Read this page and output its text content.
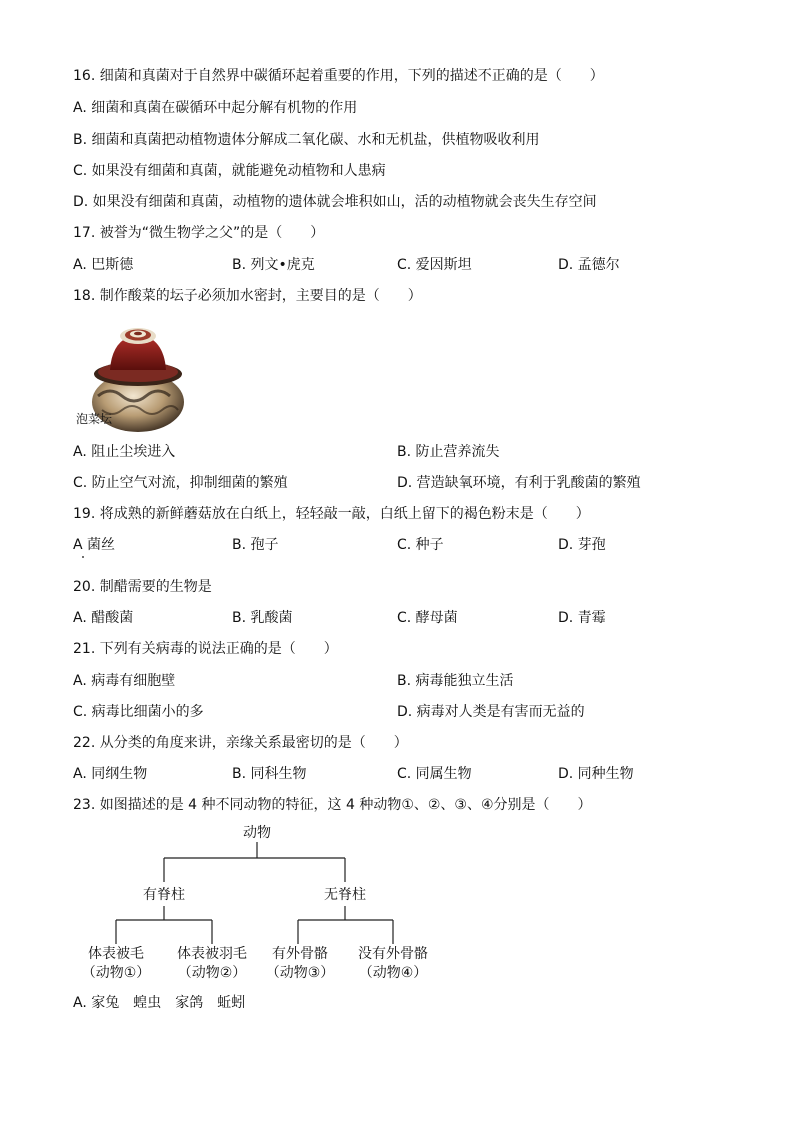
16. 细菌和真菌对于自然界中碳循环起着重要的作用，下列的描述不正确的是（　　）
A. 细菌和真菌在碳循环中起分解有机物的作用
B. 细菌和真菌把动植物遗体分解成二氧化碳、水和无机盐，供植物吸收利用
C. 如果没有细菌和真菌，就能避免动植物和人患病
D. 如果没有细菌和真菌，动植物的遗体就会堆积如山，活的动植物就会丧失生存空间
17. 被誉为“微生物学之父”的是（　　）
A. 巴斯德	B. 列文•虎克	C. 爱因斯坦	D. 孟德尔
18. 制作酸菜的坛子必须加水密封，主要目的是（　　）
泡菜坛
A. 阻止尘埃进入	B. 防止营养流失
C. 防止空气对流，抑制细菌的繁殖	D. 营造缺氧环境，有利于乳酸菌的繁殖
19. 将成熟的新鲜蘑菇放在白纸上，轻轻敲一敲，白纸上留下的褐色粉末是（　　）
A 菌丝	B. 孢子	C. 种子	D. 芽孢
20. 制醋需要的生物是
A. 醋酸菌	B. 乳酸菌	C. 酵母菌	D. 青霉
21. 下列有关病毒的说法正确的是（　　）
A. 病毒有细胞壁	B. 病毒能独立生活
C. 病毒比细菌小的多	D. 病毒对人类是有害而无益的
22. 从分类的角度来讲，亲缘关系最密切的是（　　）
A. 同纲生物	B. 同科生物	C. 同属生物	D. 同种生物
23. 如图描述的是 4 种不同动物的特征，这 4 种动物①、②、③、④分别是（　　）
动物
有脊柱	无脊柱
体表被毛
（动物①）
体表被羽毛
（动物②）
有外骨骼
（动物③）
没有外骨骼
（动物④）
A. 家兔　蝗虫　家鸽　蚯蚓
